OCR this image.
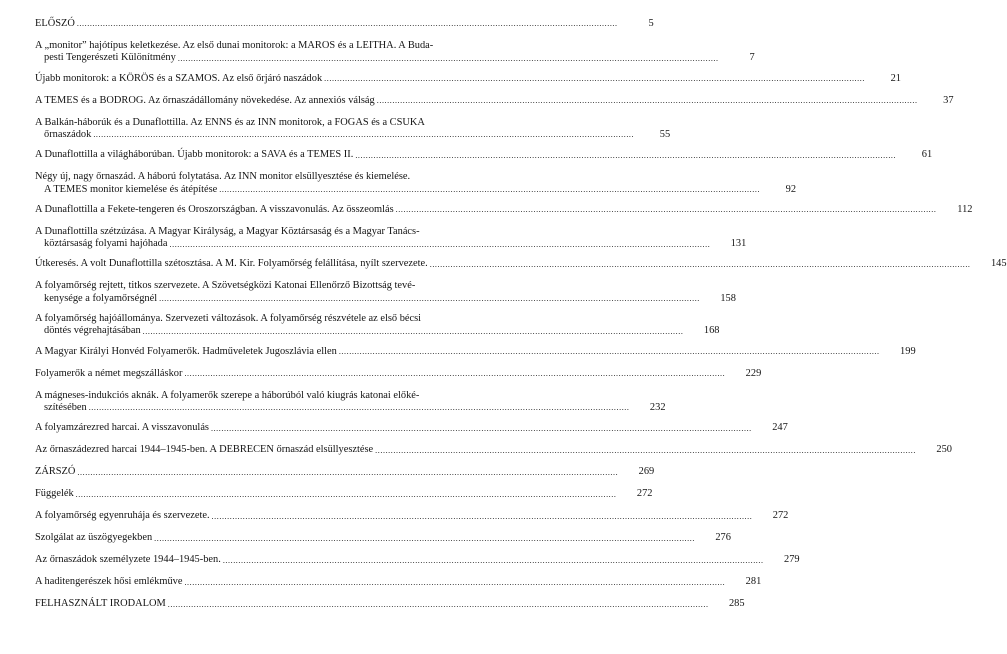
ELŐSZÓ .....	5
A „monitor” hajótípus keletkezése. Az első dunai monitorok: a MAROS és a LEITHA. A Buda-
pesti Tengerészeti Különítmény .....	7
Újabb monitorok: a KÖRÖS és a SZAMOS. Az első őrjáró naszádok .....	21
A TEMES és a BODROG. Az őrnaszádállomány növekedése. Az annexiós válság .....	37
A Balkán-háborúk és a Dunaflottilla. Az ENNS és az INN monitorok, a FOGAS és a CSUKA
őrnaszádok .....	55
A Dunaflottilla a világháborúban. Újabb monitorok: a SAVA és a TEMES II. .....	61
Négy új, nagy őrnaszád. A háború folytatása. Az INN monitor elsüllyesztése és kiemelése.
A TEMES monitor kiemelése és átépítése .....	92
A Dunaflottilla a Fekete-tengeren és Oroszországban. A visszavonulás. Az összeomlás .....	112
A Dunaflottilla szétzúzása. A Magyar Királyság, a Magyar Köztársaság és a Magyar Tanács-
köztársaság folyami hajóhada .....	131
Útkeresés. A volt Dunaflottilla szétosztása. A M. Kir. Folyamőrség felállítása, nyílt szervezete. .....	145
A folyamőrség rejtett, titkos szervezete. A Szövetségközi Katonai Ellenőrző Bizottság tevé-
kenysége a folyamőrségnél .....	158
A folyamőrség hajóállománya. Szervezeti változások. A folyamőrség részvétele az első bécsi
döntés végrehajtásában .....	168
A Magyar Királyi Honvéd Folyamerők. Hadműveletek Jugoszlávia ellen .....	199
Folyamerők a német megszálláskor .....	229
A mágneses-indukciós aknák. A folyamerők szerepe a háborúból való kiugrás katonai előké-
szítésében .....	232
A folyamzárezred harcai. A visszavonulás .....	247
Az őrnaszádezred harcai 1944–1945-ben. A DEBRECEN őrnaszád elsüllyesztése .....	250
ZÁRSZÓ .....	269
Függelék .....	272
A folyamőrség egyenruhája és szervezete. .....	272
Szolgálat az üszögyegekben .....	276
Az őrnaszádok személyzete 1944–1945-ben. .....	279
A haditengerészek hősi emlékműve .....	281
FELHASZNÁLT IRODALOM .....	285
